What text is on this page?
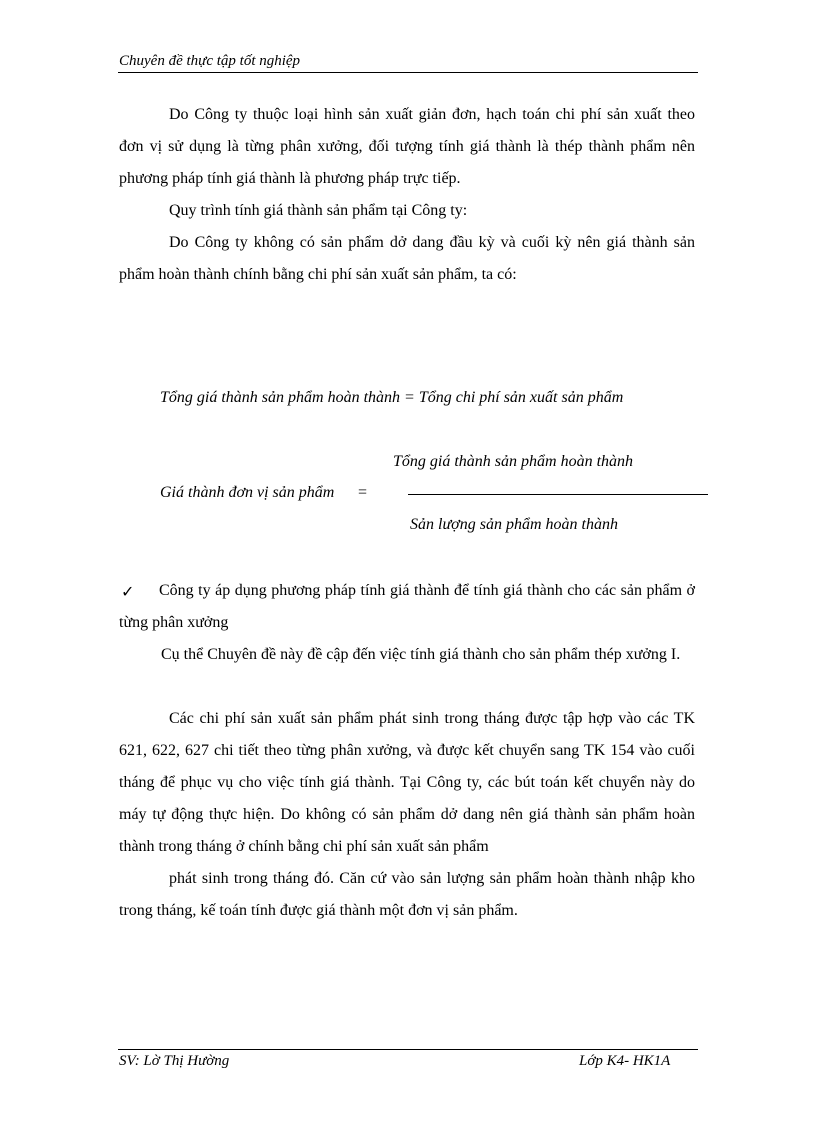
Chuyên đề thực tập tốt nghiệp
Do Công ty thuộc loại hình sản xuất giản đơn, hạch toán chi phí sản xuất theo đơn vị sử dụng là từng phân xưởng, đối tượng tính giá thành là thép thành phẩm nên phương pháp tính giá thành là phương pháp trực tiếp.
Quy trình tính giá thành sản phẩm tại Công ty:
Do Công ty không có sản phẩm dở dang đầu kỳ và cuối kỳ nên giá thành sản phẩm hoàn thành chính bằng chi phí sản xuất sản phẩm, ta có:
Tổng giá thành sản phẩm hoàn thành = Tổng chi phí sản xuất sản phẩm
Giá thành đơn vị sản phẩm =
Tổng giá thành sản phẩm hoàn thành
Sản lượng sản phẩm hoàn thành
✓	Công ty áp dụng phương pháp tính giá thành để tính giá thành cho các sản phẩm ở từng phân xưởng
Cụ thể Chuyên đề này đề cập đến việc tính giá thành cho sản phẩm thép xưởng I.
Các chi phí sản xuất sản phẩm phát sinh trong tháng được tập hợp vào các TK 621, 622, 627 chi tiết theo từng phân xưởng, và được kết chuyển sang TK 154 vào cuối tháng để phục vụ cho việc tính giá thành. Tại Công ty, các bút toán kết chuyển này do máy tự động thực hiện. Do không có sản phẩm dở dang nên giá thành sản phẩm hoàn thành trong tháng ở chính bằng chi phí sản xuất sản phẩm
phát sinh trong tháng đó. Căn cứ vào sản lượng sản phẩm hoàn thành nhập kho trong tháng, kế toán tính được giá thành một đơn vị sản phẩm.
SV: Lờ Thị Hường	Lớp K4- HK1A
